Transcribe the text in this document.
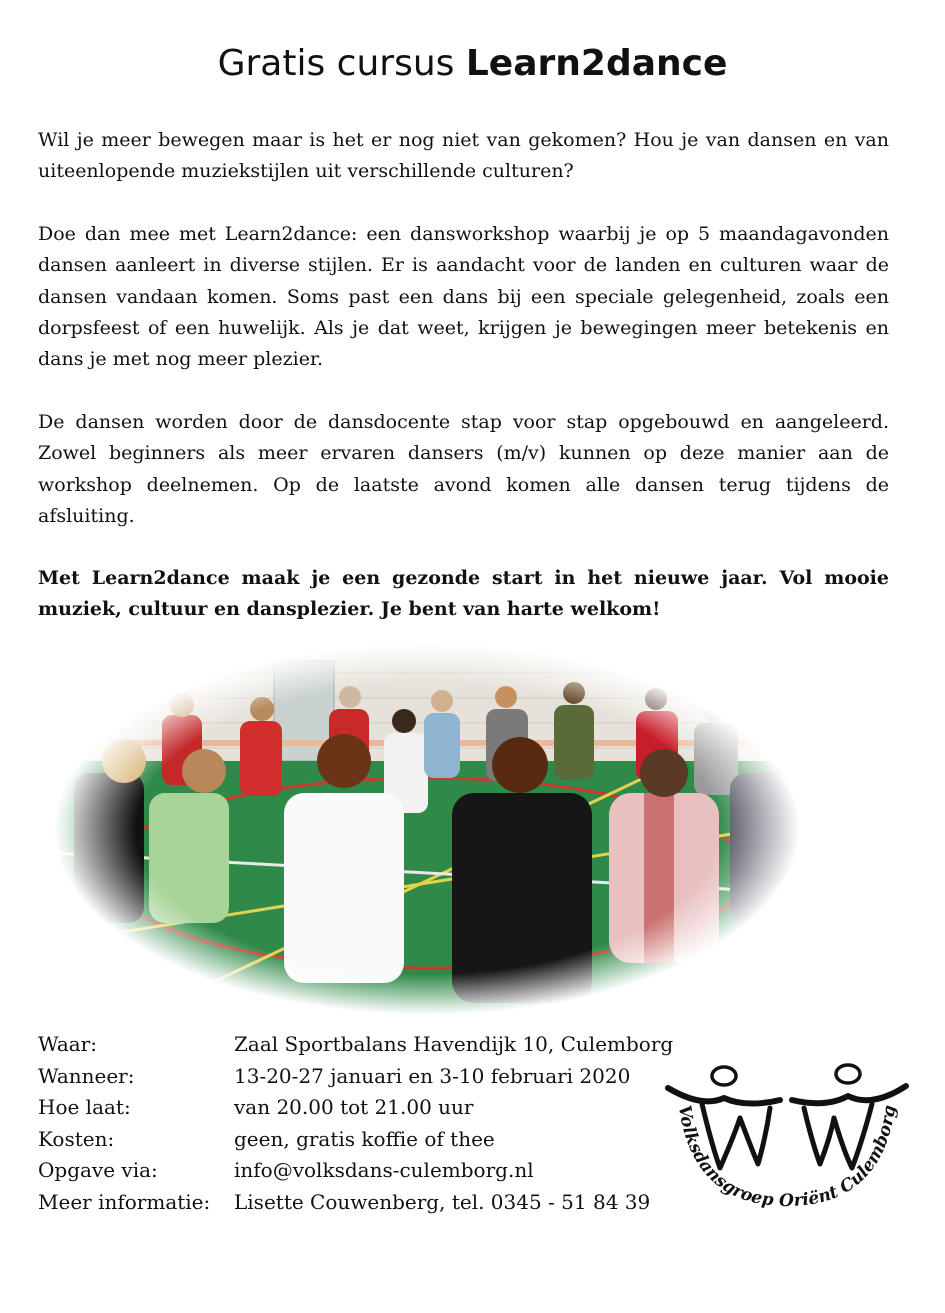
Gratis cursus Learn2dance

Wil je meer bewegen maar is het er nog niet van gekomen? Hou je van dansen en van uiteenlopende muziekstijlen uit verschillende culturen?

Doe dan mee met Learn2dance: een dansworkshop waarbij je op 5 maandagavonden dansen aanleert in diverse stijlen. Er is aandacht voor de landen en culturen waar de dansen vandaan komen. Soms past een dans bij een speciale gelegenheid, zoals een dorpsfeest of een huwelijk. Als je dat weet, krijgen je bewegingen meer betekenis en dans je met nog meer plezier.

De dansen worden door de dansdocente stap voor stap opgebouwd en aangeleerd. Zowel beginners als meer ervaren dansers (m/v) kunnen op deze manier aan de workshop deelnemen. Op de laatste avond komen alle dansen terug tijdens de afsluiting.

Met Learn2dance maak je een gezonde start in het nieuwe jaar. Vol mooie muziek, cultuur en dansplezier. Je bent van harte welkom!

Waar:	Zaal Sportbalans Havendijk 10, Culemborg
Wanneer:	13-20-27 januari en 3-10 februari 2020
Hoe laat:	van 20.00 tot 21.00 uur
Kosten:	geen, gratis koffie of thee
Opgave via:	info@volksdans-culemborg.nl
Meer informatie:	Lisette Couwenberg, tel. 0345 - 51 84 39
Volksdansgroep Oriënt Culemborg
